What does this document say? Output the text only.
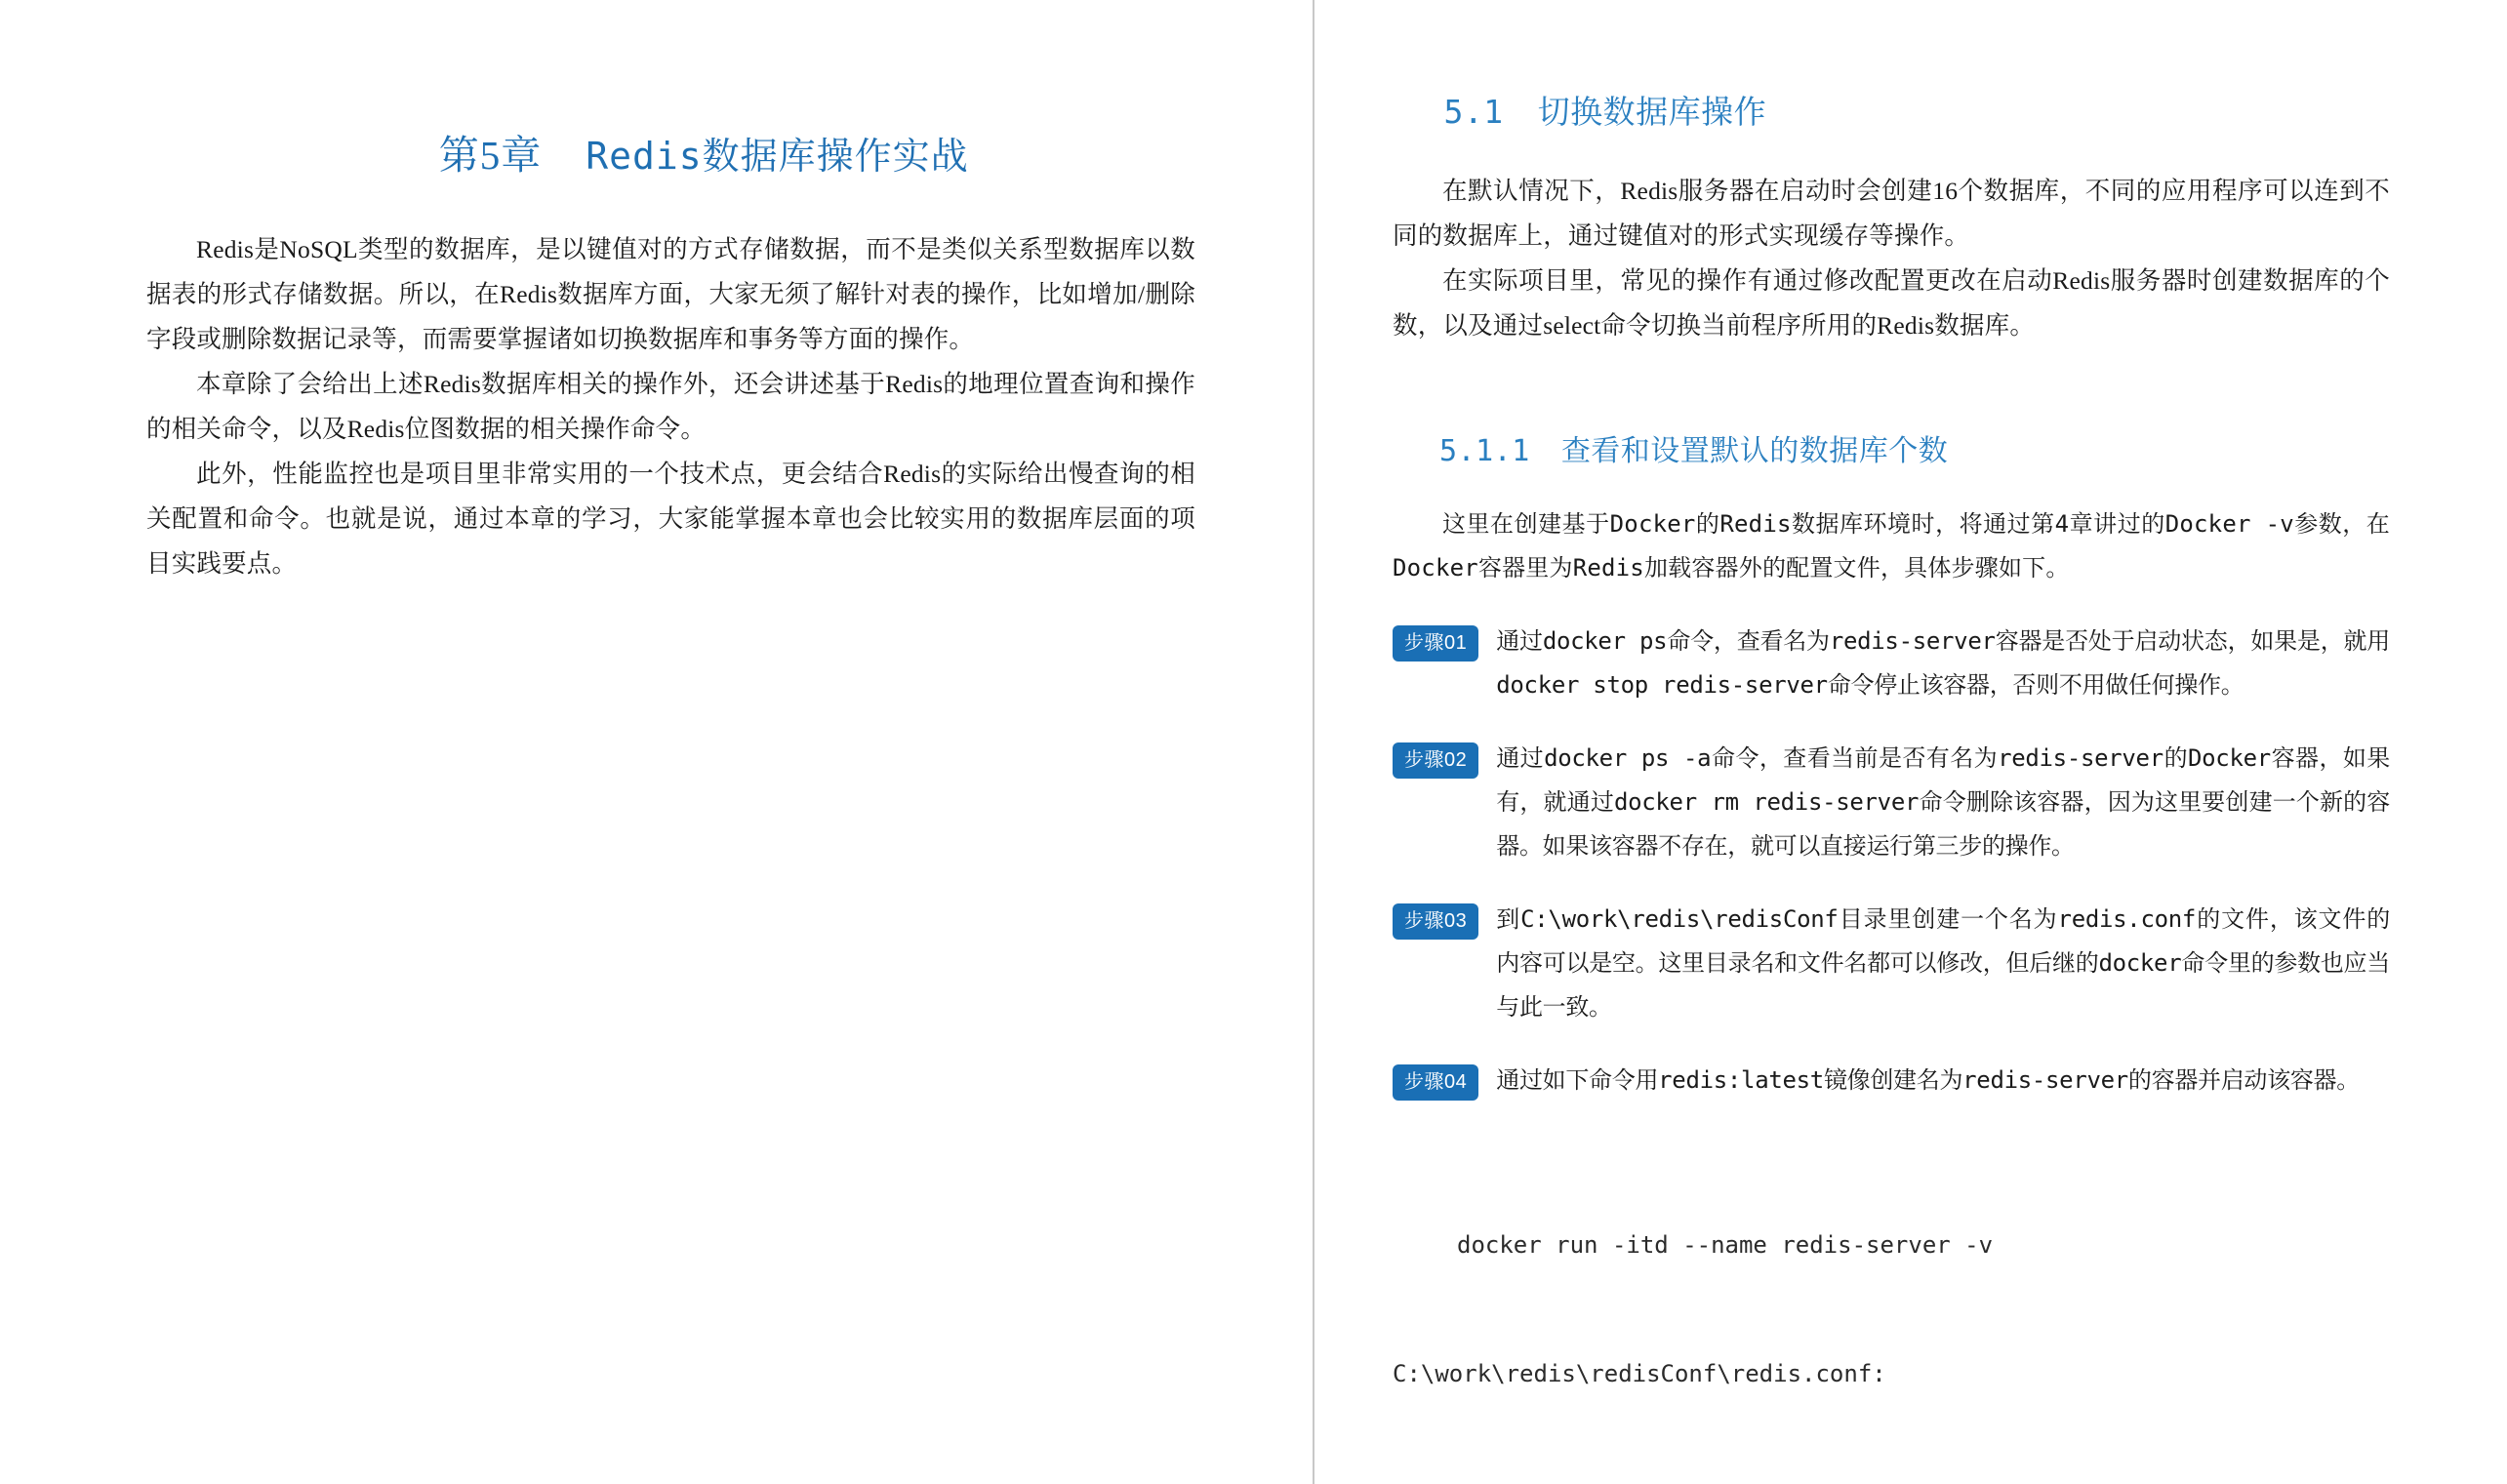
第5章 Redis数据库操作实战

Redis是NoSQL类型的数据库，是以键值对的方式存储数据，而不是类似关系型数据库以数据表的形式存储数据。所以，在Redis数据库方面，大家无须了解针对表的操作，比如增加/删除字段或删除数据记录等，而需要掌握诸如切换数据库和事务等方面的操作。

本章除了会给出上述Redis数据库相关的操作外，还会讲述基于Redis的地理位置查询和操作的相关命令，以及Redis位图数据的相关操作命令。

此外，性能监控也是项目里非常实用的一个技术点，更会结合Redis的实际给出慢查询的相关配置和命令。也就是说，通过本章的学习，大家能掌握本章也会比较实用的数据库层面的项目实践要点。

5.1 切换数据库操作

在默认情况下，Redis服务器在启动时会创建16个数据库，不同的应用程序可以连到不同的数据库上，通过键值对的形式实现缓存等操作。

在实际项目里，常见的操作有通过修改配置更改在启动Redis服务器时创建数据库的个数，以及通过select命令切换当前程序所用的Redis数据库。

5.1.1 查看和设置默认的数据库个数

这里在创建基于Docker的Redis数据库环境时，将通过第4章讲过的Docker -v参数，在Docker容器里为Redis加载容器外的配置文件，具体步骤如下。

步骤01	通过docker ps命令，查看名为redis-server容器是否处于启动状态，如果是，就用docker stop redis-server命令停止该容器，否则不用做任何操作。
步骤02	通过docker ps -a命令，查看当前是否有名为redis-server的Docker容器，如果有，就通过docker rm redis-server命令删除该容器，因为这里要创建一个新的容器。如果该容器不存在，就可以直接运行第三步的操作。
步骤03	到C:\work\redis\redisConf目录里创建一个名为redis.conf的文件，该文件的内容可以是空。这里目录名和文件名都可以修改，但后继的docker命令里的参数也应当与此一致。
步骤04	通过如下命令用redis:latest镜像创建名为redis-server的容器并启动该容器。

docker run -itd --name redis-server -v

C:\work\redis\redisConf\redis.conf:
